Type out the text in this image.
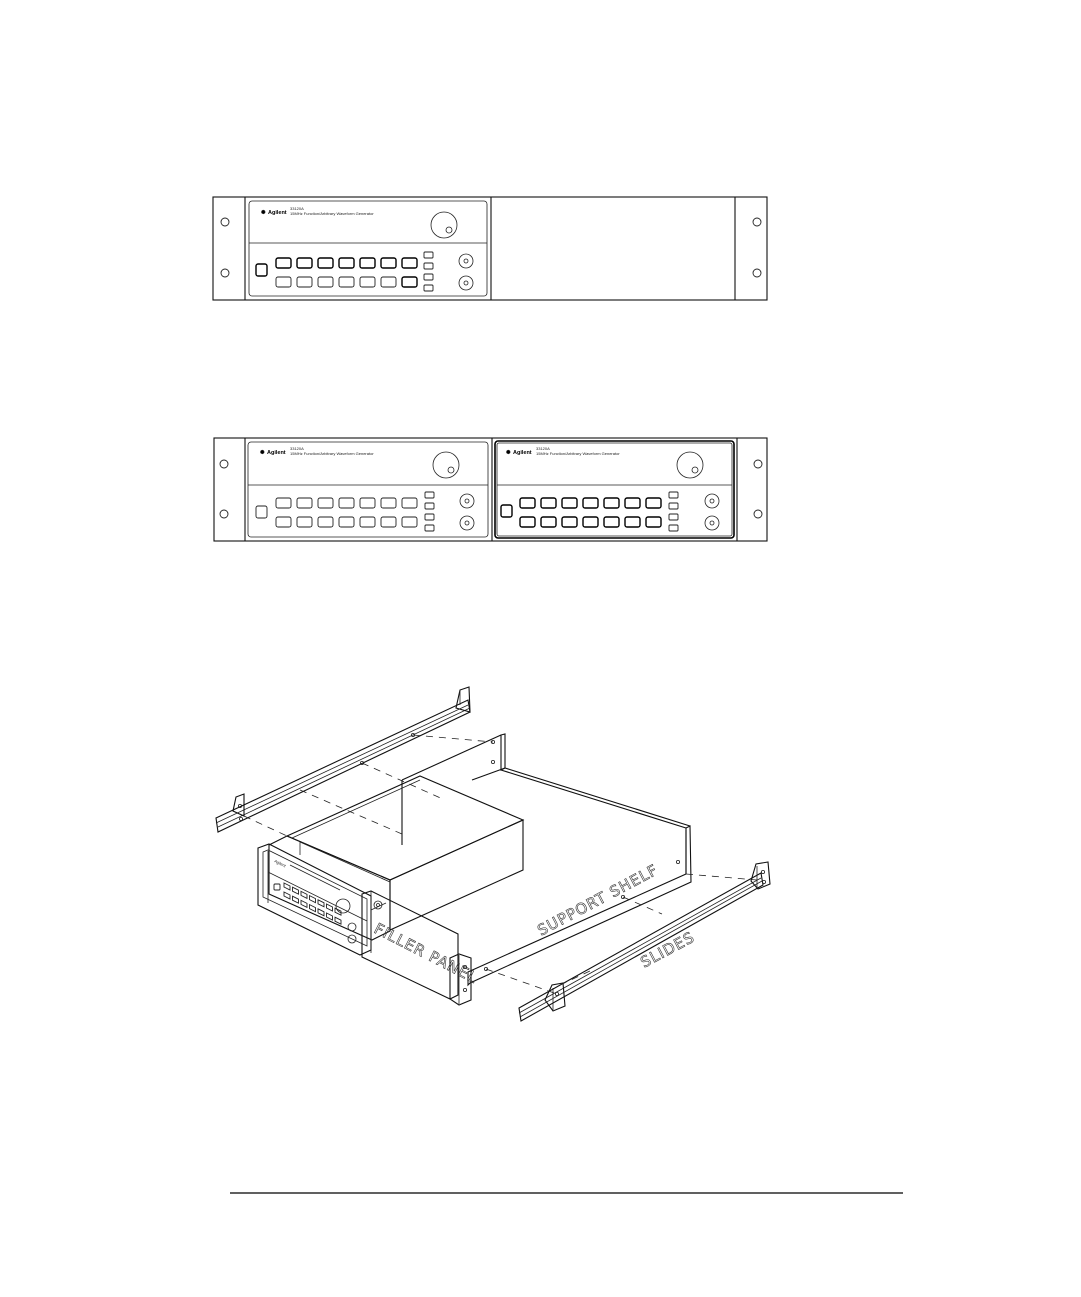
✺ Agilent
33120A
15MHz Function/Arbitrary Waveform Generator
✺ Agilent
33120A
15MHz Function/Arbitrary Waveform Generator	✺ Agilent
33120A
15MHz Function/Arbitrary Waveform Generator
Agilent
FILLER PANEL
SUPPORT SHELF
SLIDES
